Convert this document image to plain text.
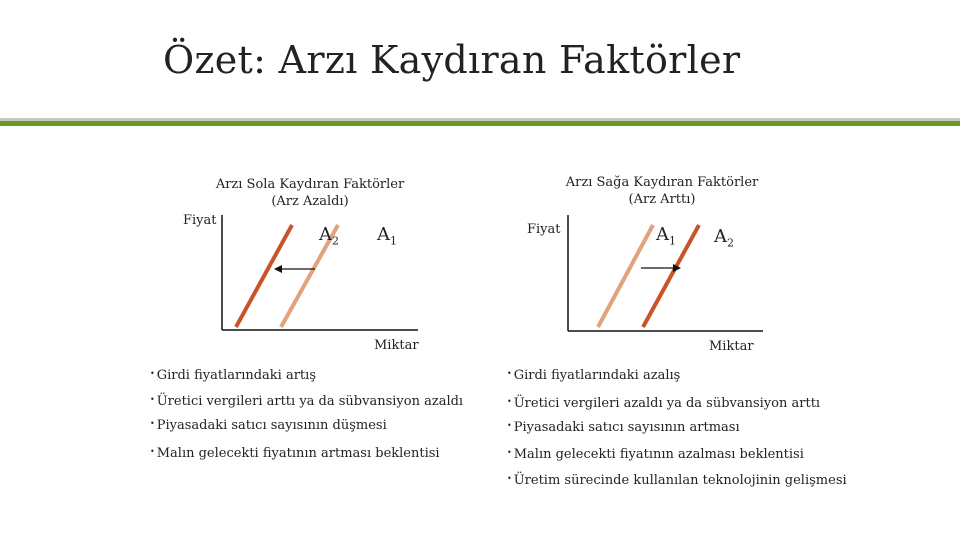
Özet: Arzı Kaydıran Faktörler
Arzı Sola Kaydıran Faktörler
(Arz Azaldı)
Fiyat
$A_2$ $A_1$
Miktar
Arzı Sağa Kaydıran Faktörler
(Arz Arttı)
Fiyat	$A_1$ $A_2$
Miktar
• Girdi fiyatlarındaki artış
• Üretici vergileri arttı ya da sübvansiyon azaldı
• Piyasadaki satıcı sayısının düşmesi
• Malın gelecekti fiyatının artması beklentisi
• Girdi fiyatlarındaki azalış
• Üretici vergileri azaldı ya da sübvansiyon arttı
• Piyasadaki satıcı sayısının artması
• Malın gelecekti fiyatının azalması beklentisi
• Üretim sürecinde kullanılan teknolojinin gelişmesi
